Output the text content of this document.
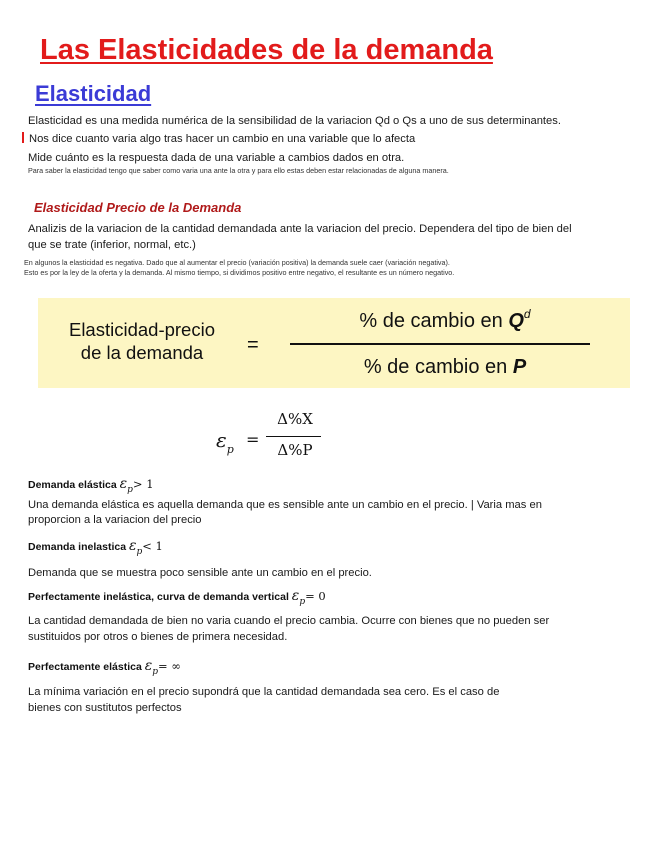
Las Elasticidades de la demanda
Elasticidad
Elasticidad es una medida numérica de la sensibilidad de la variacion Qd o Qs a uno de sus determinantes.
Nos dice cuanto varia algo tras hacer un cambio en una variable que lo afecta
Mide cuánto es la respuesta dada de una variable a cambios dados en otra.
Para saber la elasticidad tengo que saber como varia una ante la otra y para ello estas deben estar relacionadas de alguna manera.
Elasticidad Precio de la Demanda
Analizis de la variacion de la cantidad demandada ante la variacion del precio. Dependera del tipo de bien del
que se trate (inferior, normal, etc.)
En algunos la elasticidad es negativa. Dado que al aumentar el precio (variación positiva) la demanda suele caer (variación negativa).
Esto es por la ley de la oferta y la demanda. Al mismo tiempo, si dividimos positivo entre negativo, el resultante es un número negativo.
Elasticidad-precio
de la demanda	=
% de cambio en $Q^d$
% de cambio en P
$\varepsilon_p$
=
Δ%X
Δ%P
Demanda elástica εp> 1
Una demanda elástica es aquella demanda que es sensible ante un cambio en el precio. | Varia mas en
proporcion a la variacion del precio
Demanda inelastica εp< 1
Demanda que se muestra poco sensible ante un cambio en el precio.
Perfectamente inelástica, curva de demanda vertical εp= 0
La cantidad demandada de bien no varia cuando el precio cambia. Ocurre con bienes que no pueden ser
sustituidos por otros o bienes de primera necesidad.
Perfectamente elástica εp= ∞
La mínima variación en el precio supondrá que la cantidad demandada sea cero. Es el caso de
bienes con sustitutos perfectos
